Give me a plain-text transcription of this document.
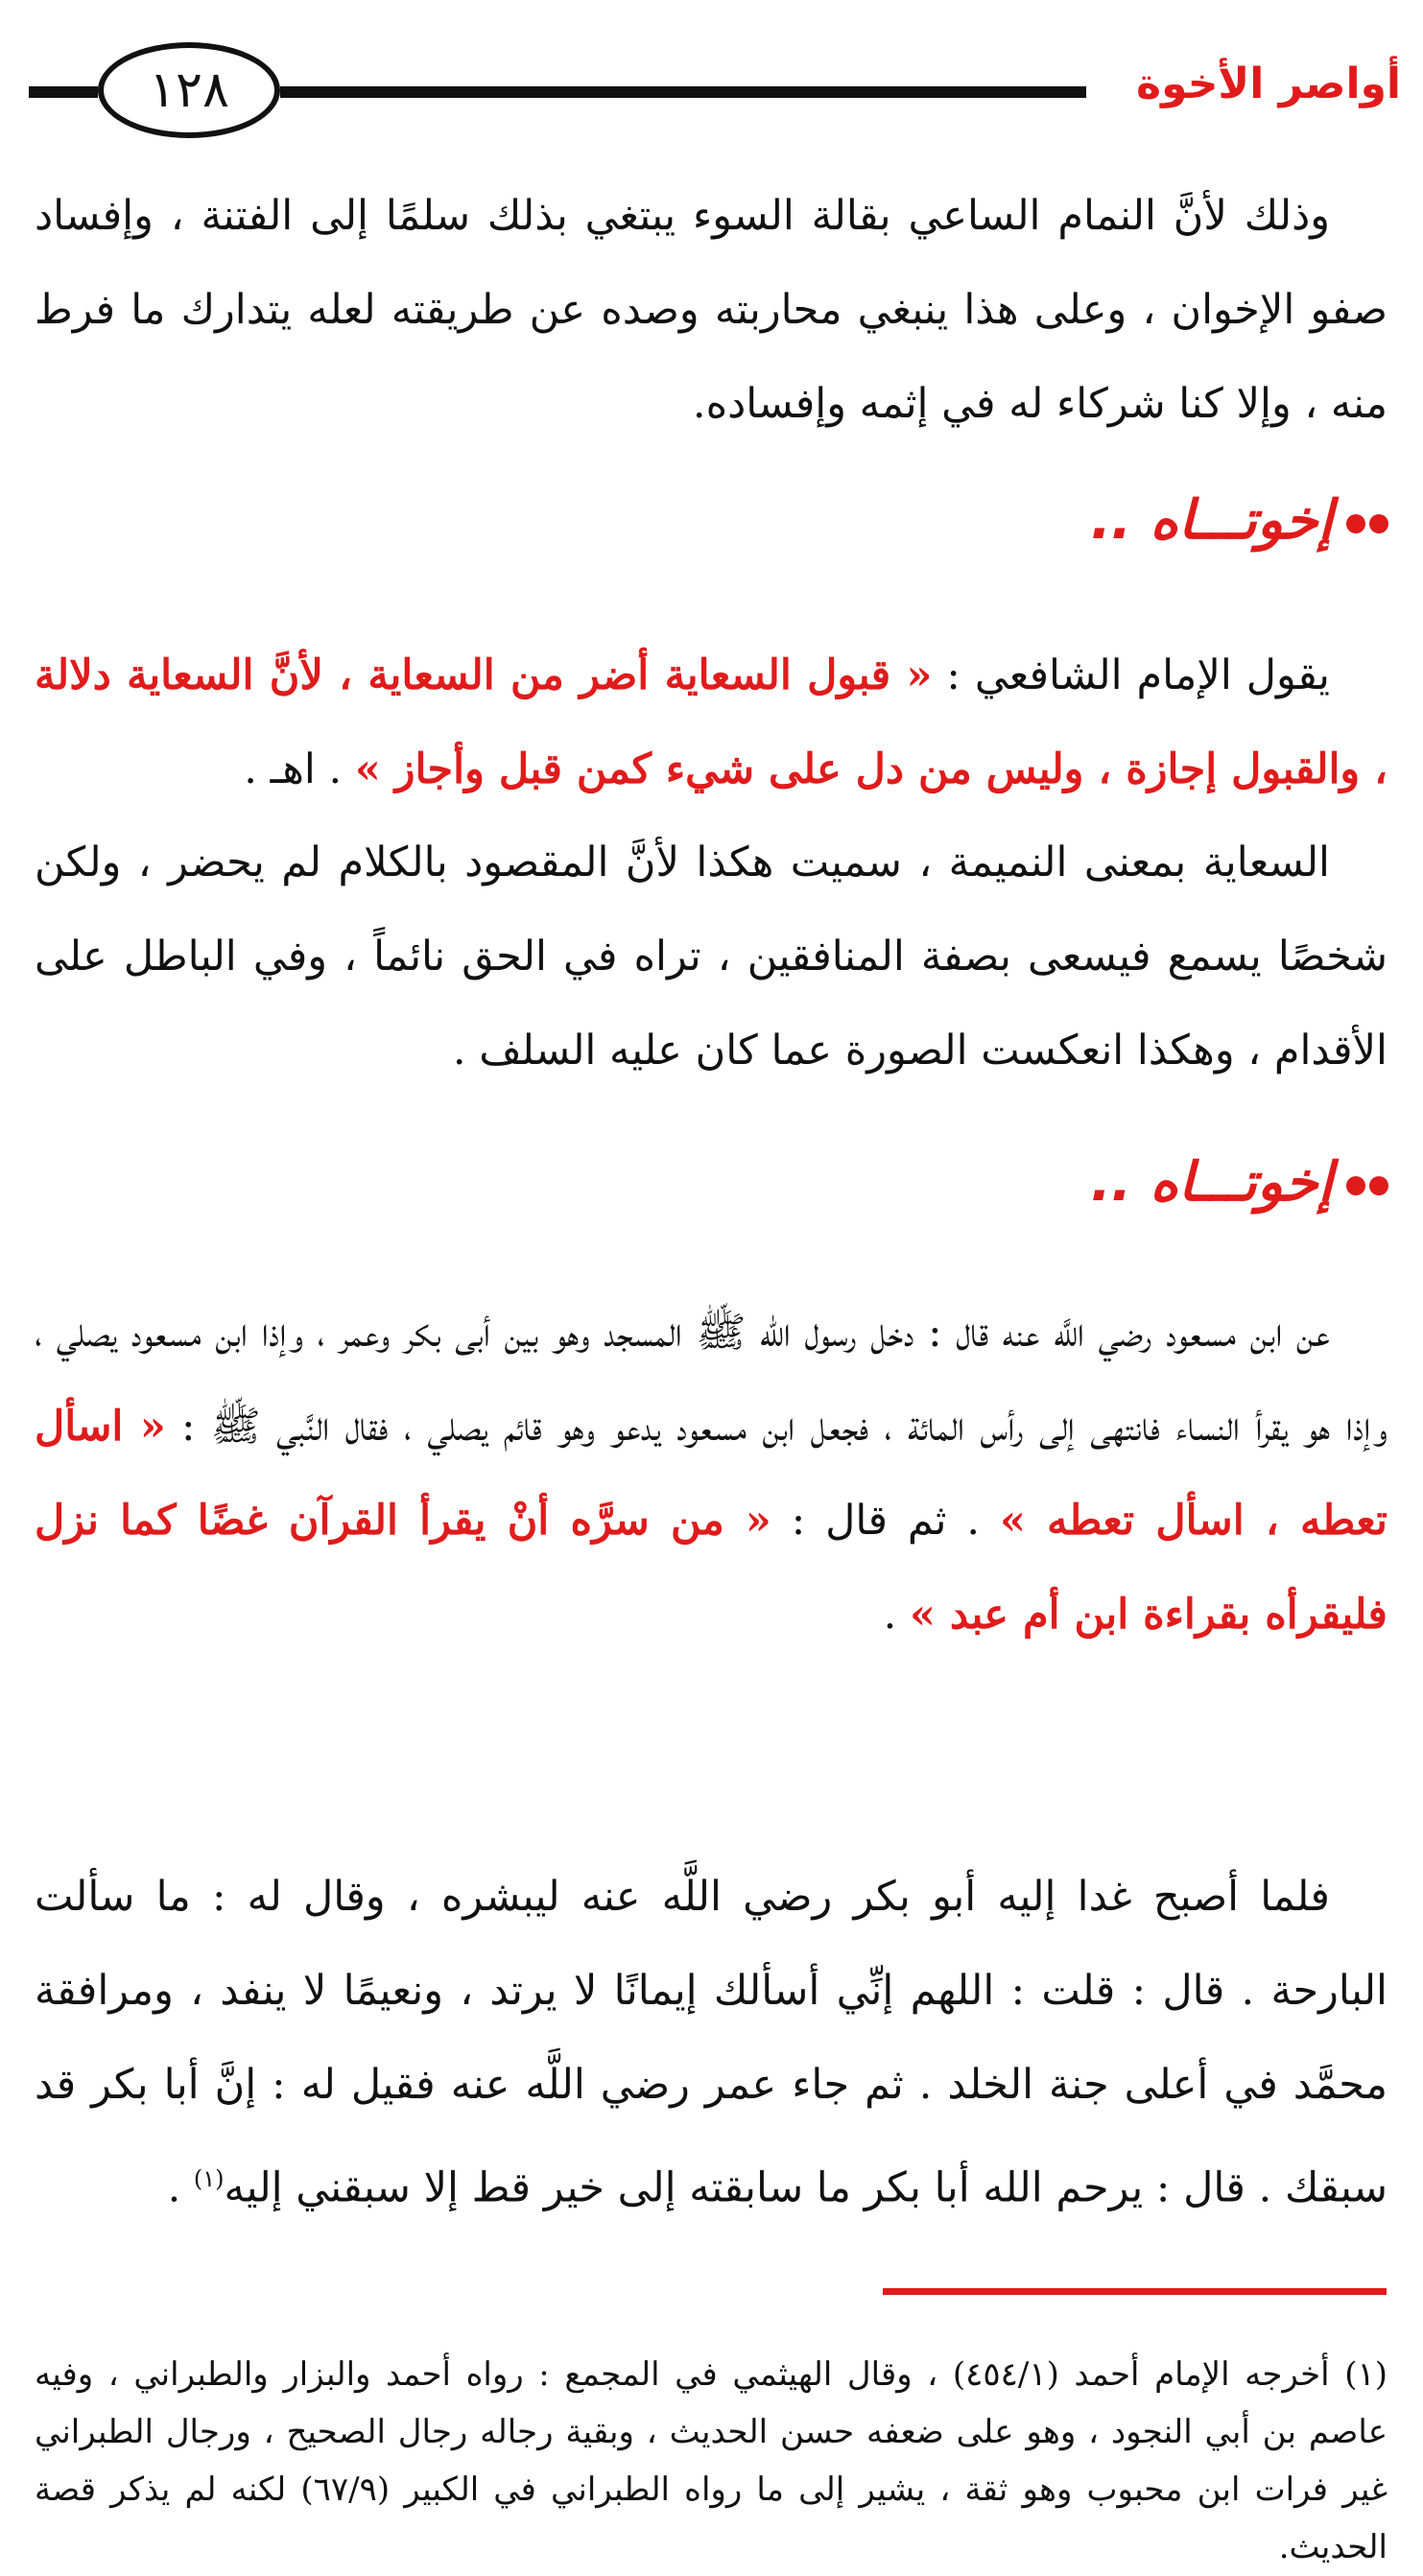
١٢٨	أواصر الأخوة
وذلك لأنَّ النمام الساعي بقالة السوء يبتغي بذلك سلمًا إلى الفتنة ، وإفساد صفو الإخوان ، وعلى هذا ينبغي محاربته وصده عن طريقته لعله يتدارك ما فرط منه ، وإلا كنا شركاء له في إثمه وإفساده.
إخوتـــاه ..
يقول الإمام الشافعي : « قبول السعاية أضر من السعاية ، لأنَّ السعاية دلالة ، والقبول إجازة ، وليس من دل على شيء كمن قبل وأجاز » . اهـ .
السعاية بمعنى النميمة ، سميت هكذا لأنَّ المقصود بالكلام لم يحضر ، ولكن شخصًا يسمع فيسعى بصفة المنافقين ، تراه في الحق نائماً ، وفي الباطل على الأقدام ، وهكذا انعكست الصورة عما كان عليه السلف .
إخوتـــاه ..
عن ابن مسعود رضي اللَّه عنه قال : دخل رسول الله ﷺ المسجد وهو بين أبى بكر وعمر ، وإذا ابن مسعود يصلي ، وإذا هو يقرأ النساء فانتهى إلى رأس المائة ، فجعل ابن مسعود يدعو وهو قائم يصلي ، فقال النَّبي ﷺ : « اسأل تعطه ، اسأل تعطه » . ثم قال : « من سرَّه أنْ يقرأ القرآن غضًا كما نزل فليقرأه بقراءة ابن أم عبد » .
فلما أصبح غدا إليه أبو بكر رضي اللَّه عنه ليبشره ، وقال له : ما سألت البارحة . قال : قلت : اللهم إنِّي أسألك إيمانًا لا يرتد ، ونعيمًا لا ينفد ، ومرافقة محمَّد في أعلى جنة الخلد . ثم جاء عمر رضي اللَّه عنه فقيل له : إنَّ أبا بكر قد سبقك . قال : يرحم الله أبا بكر ما سابقته إلى خير قط إلا سبقني إليه$^{(١)}$ .
(١) أخرجه الإمام أحمد (٤٥٤/١) ، وقال الهيثمي في المجمع : رواه أحمد والبزار والطبراني ، وفيه عاصم بن أبي النجود ، وهو على ضعفه حسن الحديث ، وبقية رجاله رجال الصحيح ، ورجال الطبراني غير فرات ابن محبوب وهو ثقة ، يشير إلى ما رواه الطبراني في الكبير (٦٧/٩) لكنه لم يذكر قصة الحديث.
